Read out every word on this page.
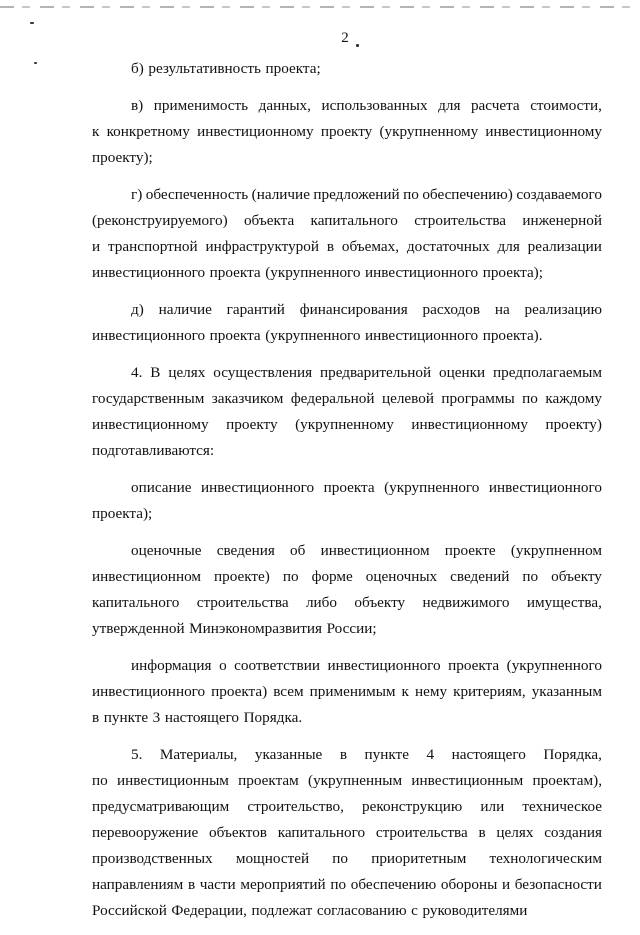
2
б) результативность проекта;
в) применимость данных, использованных для расчета стоимости,
к конкретному инвестиционному проекту (укрупненному инвестиционному
проекту);
г) обеспеченность (наличие предложений по обеспечению) создаваемого
(реконструируемого) объекта капитального строительства инженерной
и транспортной инфраструктурой в объемах, достаточных для реализации
инвестиционного проекта (укрупненного инвестиционного проекта);
д) наличие гарантий финансирования расходов на реализацию
инвестиционного проекта (укрупненного инвестиционного проекта).
4. В целях осуществления предварительной оценки предполагаемым
государственным заказчиком федеральной целевой программы по каждому
инвестиционному проекту (укрупненному инвестиционному проекту)
подготавливаются:
описание инвестиционного проекта (укрупненного инвестиционного
проекта);
оценочные сведения об инвестиционном проекте (укрупненном
инвестиционном проекте) по форме оценочных сведений по объекту
капитального строительства либо объекту недвижимого имущества,
утвержденной Минэкономразвития России;
информация о соответствии инвестиционного проекта (укрупненного
инвестиционного проекта) всем применимым к нему критериям, указанным
в пункте 3 настоящего Порядка.
5. Материалы, указанные в пункте 4 настоящего Порядка,
по инвестиционным проектам (укрупненным инвестиционным проектам),
предусматривающим строительство, реконструкцию или техническое
перевооружение объектов капитального строительства в целях создания
производственных мощностей по приоритетным технологическим
направлениям в части мероприятий по обеспечению обороны и безопасности
Российской Федерации, подлежат согласованию с руководителями
